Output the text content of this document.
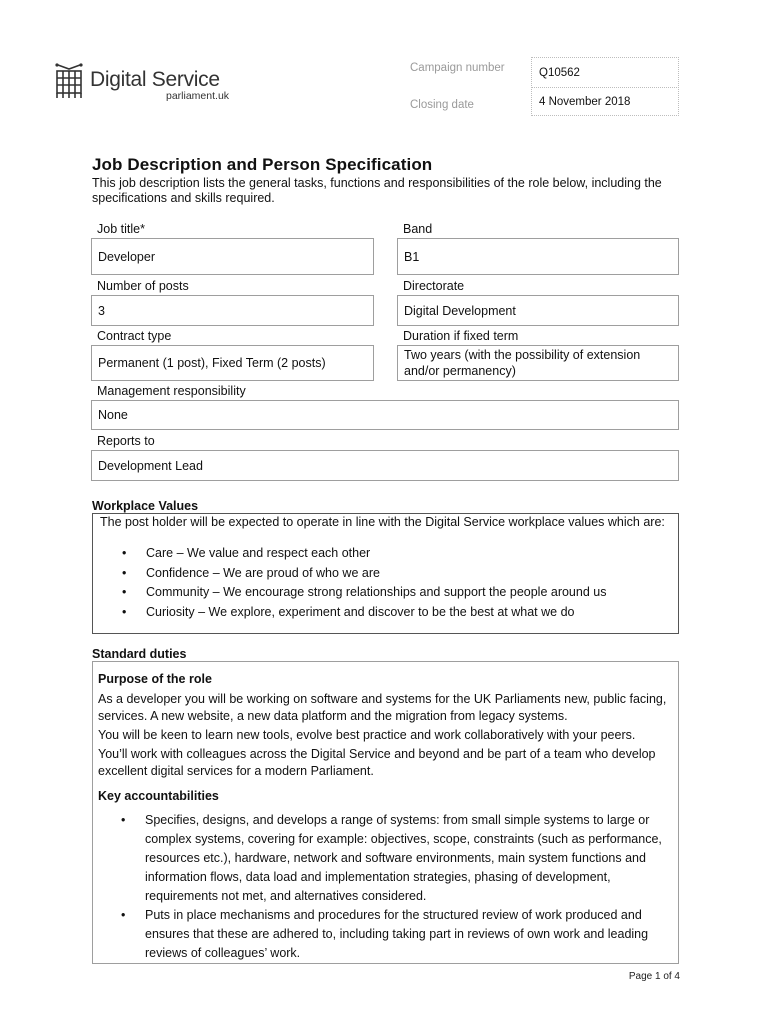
Digital Service
parliament.uk
Campaign number	Q10562
Closing date	4 November 2018
Job Description and Person Specification
This job description lists the general tasks, functions and responsibilities of the role below, including the specifications and skills required.
Job title*
Developer
Band
B1
Number of posts
3
Directorate
Digital Development
Contract type
Permanent (1 post), Fixed Term (2 posts)
Duration if fixed term
Two years (with the possibility of extension and/or permanency)
Management responsibility
None
Reports to
Development Lead
Workplace Values
The post holder will be expected to operate in line with the Digital Service workplace values which are:
• Care – We value and respect each other
• Confidence – We are proud of who we are
• Community – We encourage strong relationships and support the people around us
• Curiosity – We explore, experiment and discover to be the best at what we do
Standard duties
Purpose of the role
As a developer you will be working on software and systems for the UK Parliaments new, public facing, services. A new website, a new data platform and the migration from legacy systems.
You will be keen to learn new tools, evolve best practice and work collaboratively with your peers.
You’ll work with colleagues across the Digital Service and beyond and be part of a team who develop excellent digital services for a modern Parliament.
Key accountabilities
• Specifies, designs, and develops a range of systems: from small simple systems to large or complex systems, covering for example: objectives, scope, constraints (such as performance, resources etc.), hardware, network and software environments, main system functions and information flows, data load and implementation strategies, phasing of development, requirements not met, and alternatives considered.
• Puts in place mechanisms and procedures for the structured review of work produced and ensures that these are adhered to, including taking part in reviews of own work and leading reviews of colleagues’ work.
Page 1 of 4
